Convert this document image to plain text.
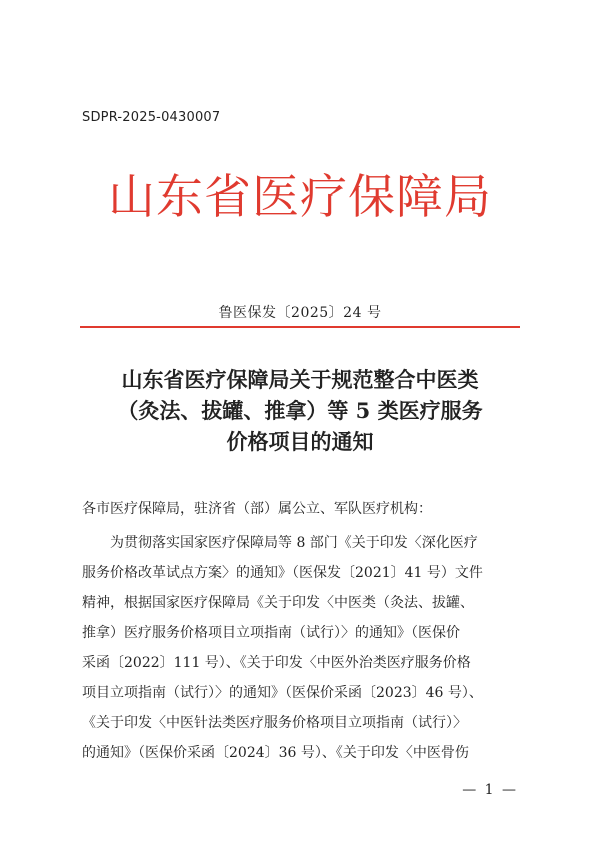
SDPR-2025-0430007
山东省医疗保障局
鲁医保发〔2025〕24 号
山东省医疗保障局关于规范整合中医类
（灸法、拔罐、推拿）等 5 类医疗服务
价格项目的通知
各市医疗保障局，驻济省（部）属公立、军队医疗机构：
　　为贯彻落实国家医疗保障局等 8 部门《关于印发〈深化医疗
服务价格改革试点方案〉的通知》（医保发〔2021〕41 号）文件
精神，根据国家医疗保障局《关于印发〈中医类（灸法、拔罐、
推拿）医疗服务价格项目立项指南（试行）〉的通知》（医保价
采函〔2022〕111 号）、《关于印发〈中医外治类医疗服务价格
项目立项指南（试行）〉的通知》（医保价采函〔2023〕46 号）、
《关于印发〈中医针法类医疗服务价格项目立项指南（试行）〉
的通知》（医保价采函〔2024〕36 号）、《关于印发〈中医骨伤
— 1 —
